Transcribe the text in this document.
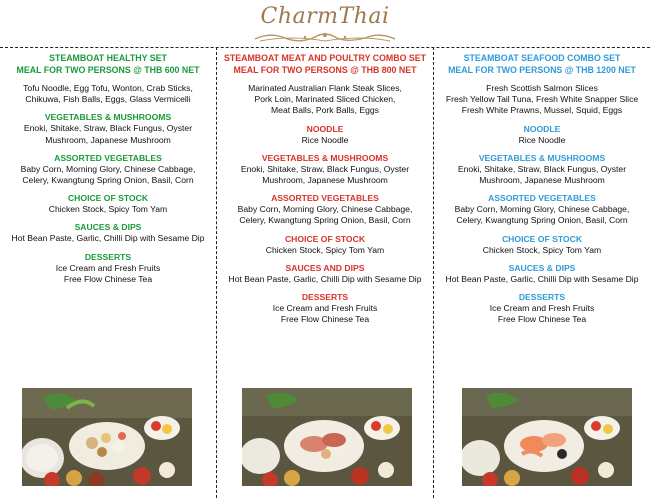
CharmThai
STEAMBOAT HEALTHY SET
MEAL FOR TWO PERSONS @ THB 600 NET

Tofu Noodle, Egg Tofu, Wonton, Crab Sticks,

Chikuwa, Fish Balls, Eggs, Glass Vermicelli

VEGETABLES & MUSHROOMS

Enoki, Shitake, Straw, Black Fungus, Oyster

Mushroom, Japanese Mushroom

ASSORTED VEGETABLES

Baby Corn, Morning Glory, Chinese Cabbage,

Celery, Kwangtung Spring Onion, Basil, Corn

CHOICE OF STOCK

Chicken Stock, Spicy Tom Yam

SAUCES & DIPS

Hot Bean Paste, Garlic, Chilli Dip with Sesame Dip

DESSERTS

Ice Cream and Fresh Fruits

Free Flow Chinese Tea

STEAMBOAT MEAT AND POULTRY COMBO SET
MEAL FOR TWO PERSONS @ THB 800 NET

Marinated Australian Flank Steak Slices,

Pork Loin, Marinated Sliced Chicken,

Meat Balls, Pork Balls, Eggs

NOODLE

Rice Noodle

VEGETABLES & MUSHROOMS

Enoki, Shitake, Straw, Black Fungus, Oyster

Mushroom, Japanese Mushroom

ASSORTED VEGETABLES

Baby Corn, Morning Glory, Chinese Cabbage,

Celery, Kwangtung Spring Onion, Basil, Corn

CHOICE OF STOCK

Chicken Stock, Spicy Tom Yam

SAUCES AND DIPS

Hot Bean Paste, Garlic, Chilli Dip with Sesame Dip

DESSERTS

Ice Cream and Fresh Fruits

Free Flow Chinese Tea

STEAMBOAT SEAFOOD COMBO SET
MEAL FOR TWO PERSONS @ THB 1200 NET

Fresh Scottish Salmon Slices

Fresh Yellow Tail Tuna, Fresh White Snapper Slice

Fresh White Prawns, Mussel, Squid, Eggs

NOODLE

Rice Noodle

VEGETABLES & MUSHROOMS

Enoki, Shitake, Straw, Black Fungus, Oyster

Mushroom, Japanese Mushroom

ASSORTED VEGETABLES

Baby Corn, Morning Glory, Chinese Cabbage,

Celery, Kwangtung Spring Onion, Basil, Corn

CHOICE OF STOCK

Chicken Stock, Spicy Tom Yam

SAUCES & DIPS

Hot Bean Paste, Garlic, Chilli Dip with Sesame Dip

DESSERTS

Ice Cream and Fresh Fruits

Free Flow Chinese Tea
